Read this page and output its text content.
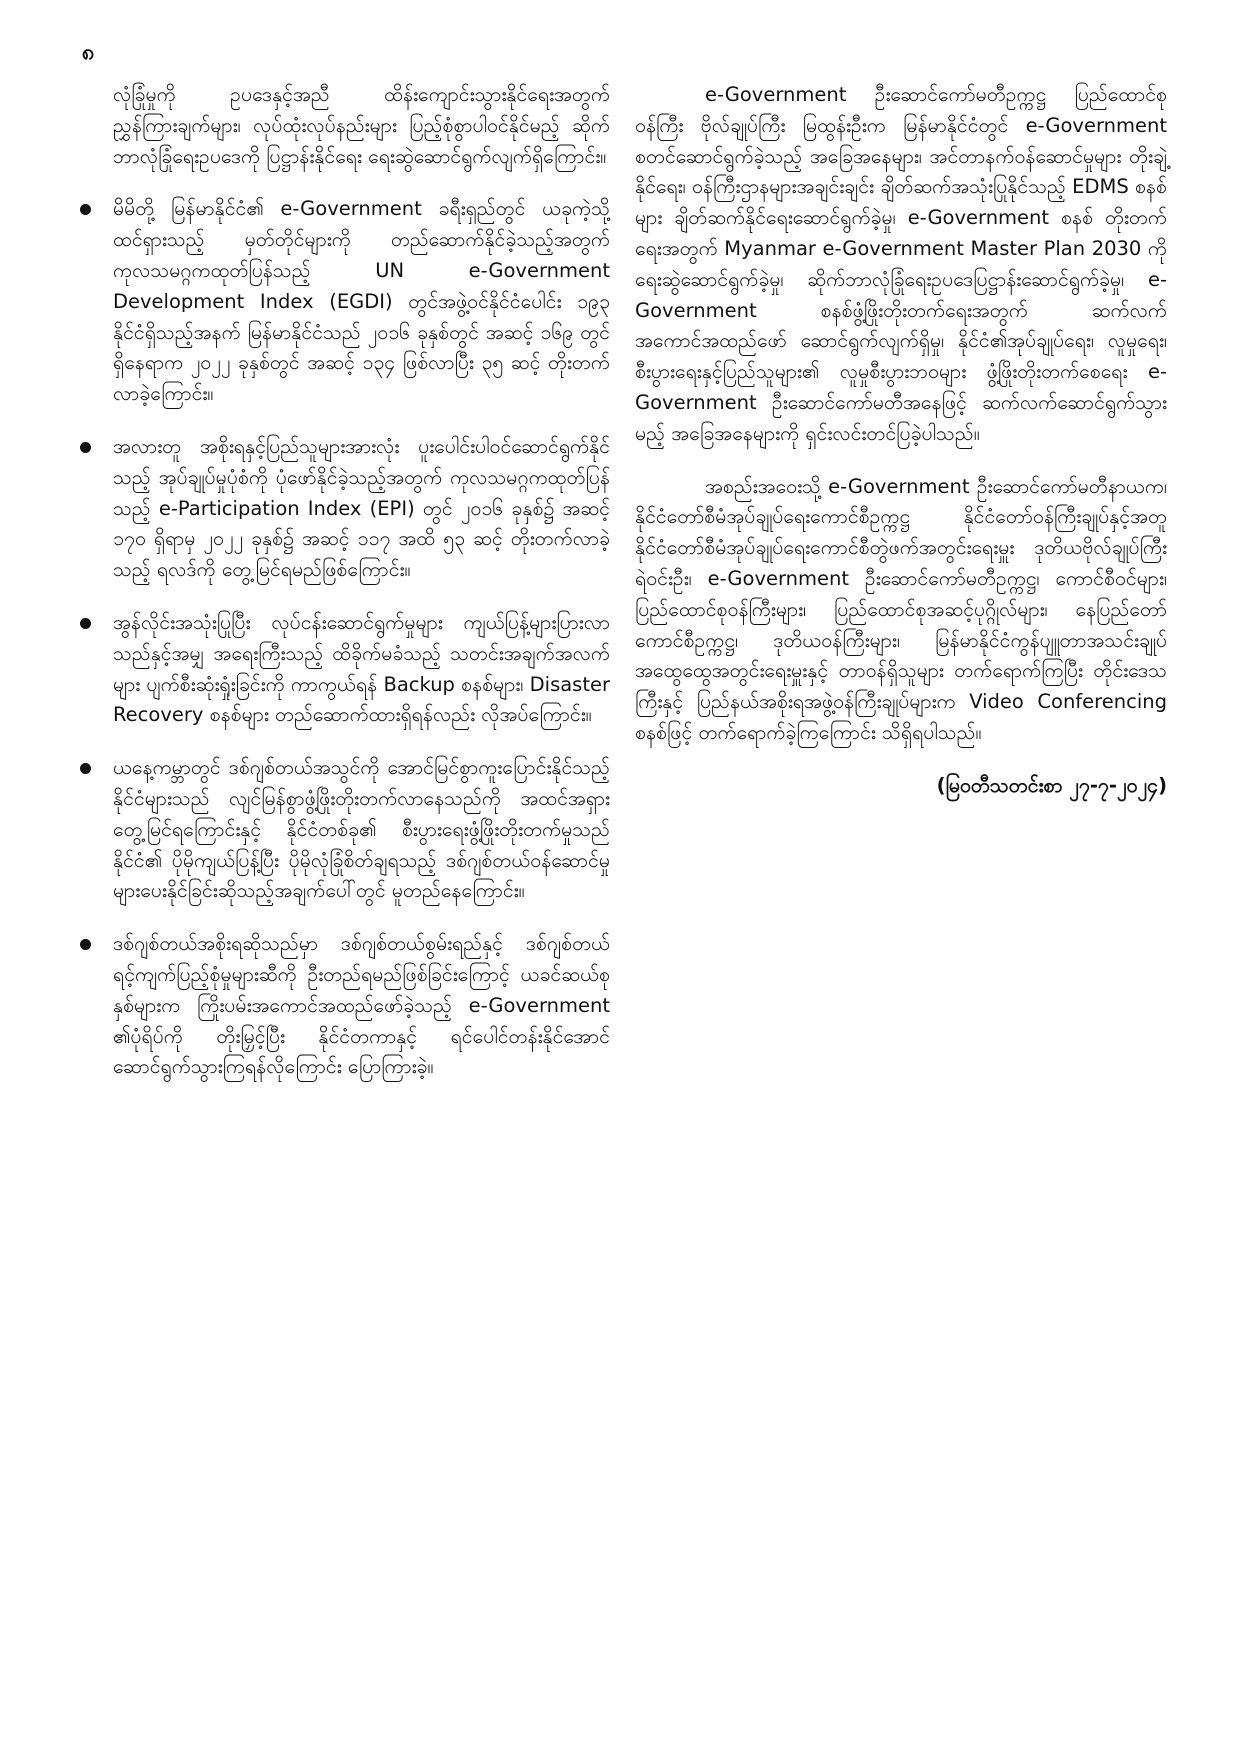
၈

လုံခြုံမှုကို ဥပဒေနှင့်အညီ ထိန်းကျောင်းသွားနိုင်ရေးအတွက် ညွှန်ကြားချက်များ၊ လုပ်ထုံးလုပ်နည်းများ ပြည့်စုံစွာပါဝင်နိုင်မည့် ဆိုက်ဘာလုံခြုံရေးဥပဒေကို ပြဋ္ဌာန်းနိုင်ရေး ရေးဆွဲဆောင်ရွက်လျက်ရှိကြောင်း။

မိမိတို့ မြန်မာနိုင်ငံ၏ e-Government ခရီးရှည်တွင် ယခုကဲ့သို့ထင်ရှားသည့် မှတ်တိုင်များကို တည်ဆောက်နိုင်ခဲ့သည့်အတွက် ကုလသမဂ္ဂကထုတ်ပြန်သည့် UN e-Government Development Index (EGDI) တွင်အဖွဲ့ဝင်နိုင်ငံပေါင်း ၁၉၃ နိုင်ငံရှိသည့်အနက် မြန်မာနိုင်ငံသည် ၂၀၁၆ ခုနှစ်တွင် အဆင့် ၁၆၉ တွင် ရှိနေရာက ၂၀၂၂ ခုနှစ်တွင် အဆင့် ၁၃၄ ဖြစ်လာပြီး ၃၅ ဆင့် တိုးတက်လာခဲ့ကြောင်း။
အလားတူ အစိုးရနှင့်ပြည်သူများအားလုံး ပူးပေါင်းပါဝင်ဆောင်ရွက်နိုင်သည့် အုပ်ချုပ်မှုပုံစံကို ပုံဖော်နိုင်ခဲ့သည့်အတွက် ကုလသမဂ္ဂကထုတ်ပြန်သည့် e-Participation Index (EPI) တွင် ၂၀၁၆ ခုနှစ်၌ အဆင့် ၁၇၀ ရှိရာမှ ၂၀၂၂ ခုနှစ်၌ အဆင့် ၁၁၇ အထိ ၅၃ ဆင့် တိုးတက်လာခဲ့သည့် ရလဒ်ကို တွေ့မြင်ရမည်ဖြစ်ကြောင်း။
အွန်လိုင်းအသုံးပြုပြီး လုပ်ငန်းဆောင်ရွက်မှုများ ကျယ်ပြန့်များပြားလာသည်နှင့်အမျှ အရေးကြီးသည့် ထိခိုက်မခံသည့် သတင်းအချက်အလက်များ ပျက်စီးဆုံးရှုံးခြင်းကို ကာကွယ်ရန် Backup စနစ်များ၊ Disaster Recovery စနစ်များ တည်ဆောက်ထားရှိရန်လည်း လိုအပ်ကြောင်း။
ယနေ့ကမ္ဘာတွင် ဒစ်ဂျစ်တယ်အသွင်ကို အောင်မြင်စွာကူးပြောင်းနိုင်သည့် နိုင်ငံများသည် လျင်မြန်စွာဖွံ့ဖြိုးတိုးတက်လာနေသည်ကို အထင်အရှားတွေ့မြင်ရကြောင်းနှင့် နိုင်ငံတစ်ခု၏ စီးပွားရေးဖွံ့ဖြိုးတိုးတက်မှုသည် နိုင်ငံ၏ ပိုမိုကျယ်ပြန့်ပြီး ပိုမိုလုံခြုံစိတ်ချရသည့် ဒစ်ဂျစ်တယ်ဝန်ဆောင်မှုများပေးနိုင်ခြင်းဆိုသည့်အချက်ပေါ်တွင် မူတည်နေကြောင်း။
ဒစ်ဂျစ်တယ်အစိုးရဆိုသည်မှာ ဒစ်ဂျစ်တယ်စွမ်းရည်နှင့် ဒစ်ဂျစ်တယ်ရင့်ကျက်ပြည့်စုံမှုများဆီကို ဦးတည်ရမည်ဖြစ်ခြင်းကြောင့် ယခင်ဆယ်စုနှစ်များက ကြိုးပမ်းအကောင်အထည်ဖော်ခဲ့သည့် e-Government ၏ပုံရိပ်ကို တိုးမြှင့်ပြီး နိုင်ငံတကာနှင့် ရင်ပေါင်တန်းနိုင်အောင် ဆောင်ရွက်သွားကြရန်လိုကြောင်း ပြောကြားခဲ့။

e-Government ဦးဆောင်ကော်မတီဥက္ကဋ္ဌ ပြည်ထောင်စုဝန်ကြီး ဗိုလ်ချုပ်ကြီး မြထွန်းဦးက မြန်မာနိုင်ငံတွင် e-Government စတင်ဆောင်ရွက်ခဲ့သည့် အခြေအနေများ၊ အင်တာနက်ဝန်ဆောင်မှုများ တိုးချဲ့နိုင်ရေး၊ ဝန်ကြီးဌာနများအချင်းချင်း ချိတ်ဆက်အသုံးပြုနိုင်သည့် EDMS စနစ်များ ချိတ်ဆက်နိုင်ရေးဆောင်ရွက်ခဲ့မှု၊ e-Government စနစ် တိုးတက်ရေးအတွက် Myanmar e-Government Master Plan 2030 ကို ရေးဆွဲဆောင်ရွက်ခဲ့မှု၊ ဆိုက်ဘာလုံခြုံရေးဥပဒေပြဋ္ဌာန်းဆောင်ရွက်ခဲ့မှု၊ e-Government စနစ်ဖွံ့ဖြိုးတိုးတက်ရေးအတွက် ဆက်လက်အကောင်အထည်ဖော် ဆောင်ရွက်လျက်ရှိမှု၊ နိုင်ငံ၏အုပ်ချုပ်ရေး၊ လူမှုရေး၊ စီးပွားရေးနှင့်ပြည်သူများ၏ လူမှုစီးပွားဘဝများ ဖွံ့ဖြိုးတိုးတက်စေရေး e-Government ဦးဆောင်ကော်မတီအနေဖြင့် ဆက်လက်ဆောင်ရွက်သွားမည့် အခြေအနေများကို ရှင်းလင်းတင်ပြခဲ့ပါသည်။

အစည်းအဝေးသို့ e-Government ဦးဆောင်ကော်မတီနာယက၊ နိုင်ငံတော်စီမံအုပ်ချုပ်ရေးကောင်စီဥက္ကဋ္ဌ နိုင်ငံတော်ဝန်ကြီးချုပ်နှင့်အတူ နိုင်ငံတော်စီမံအုပ်ချုပ်ရေးကောင်စီတွဲဖက်အတွင်းရေးမှူး ဒုတိယဗိုလ်ချုပ်ကြီး ရဲဝင်းဦး၊ e-Government ဦးဆောင်ကော်မတီဥက္ကဋ္ဌ၊ ကောင်စီဝင်များ၊ ပြည်ထောင်စုဝန်ကြီးများ၊ ပြည်ထောင်စုအဆင့်ပုဂ္ဂိုလ်များ၊ နေပြည်တော်ကောင်စီဥက္ကဋ္ဌ၊ ဒုတိယဝန်ကြီးများ၊ မြန်မာနိုင်ငံကွန်ပျူတာအသင်းချုပ်အထွေထွေအတွင်းရေးမှူးနှင့် တာဝန်ရှိသူများ တက်ရောက်ကြပြီး တိုင်းဒေသကြီးနှင့် ပြည်နယ်အစိုးရအဖွဲ့ဝန်ကြီးချုပ်များက Video Conferencing စနစ်ဖြင့် တက်ရောက်ခဲ့ကြကြောင်း သိရှိရပါသည်။

(မြဝတီသတင်းစာ ၂၇-၇-၂၀၂၄)
